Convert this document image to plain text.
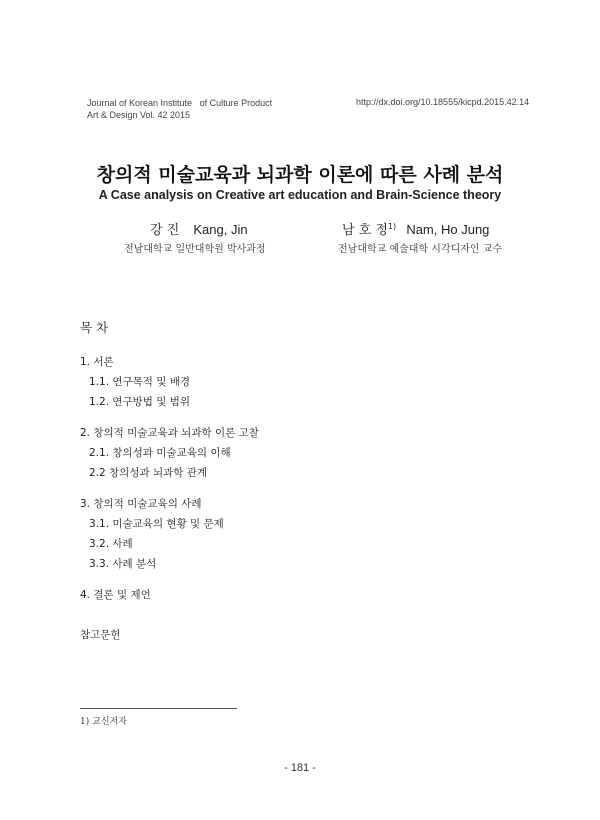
Journal of Korean Institute   of Culture Product
Art & Design Vol. 42 2015
http://dx.doi.org/10.18555/kicpd.2015.42.14
창의적 미술교육과 뇌과학 이론에 따른 사례 분석
A Case analysis on Creative art education and Brain-Science theory
강 진 Kang, Jin
전남대학교 일반대학원 박사과정
남 호 정$^{1)}$ Nam, Ho Jung
전남대학교 예술대학 시각디자인 교수
목 차
1. 서론
1.1. 연구목적 및 배경
1.2. 연구방법 및 범위
2. 창의적 미술교육과 뇌과학 이론 고찰
2.1. 창의성과 미술교육의 이해
2.2 창의성과 뇌과학 관계
3. 창의적 미술교육의 사례
3.1. 미술교육의 현황 및 문제
3.2. 사례
3.3. 사례 분석
4. 결론 및 제언
참고문헌
1) 교신저자
- 181 -
